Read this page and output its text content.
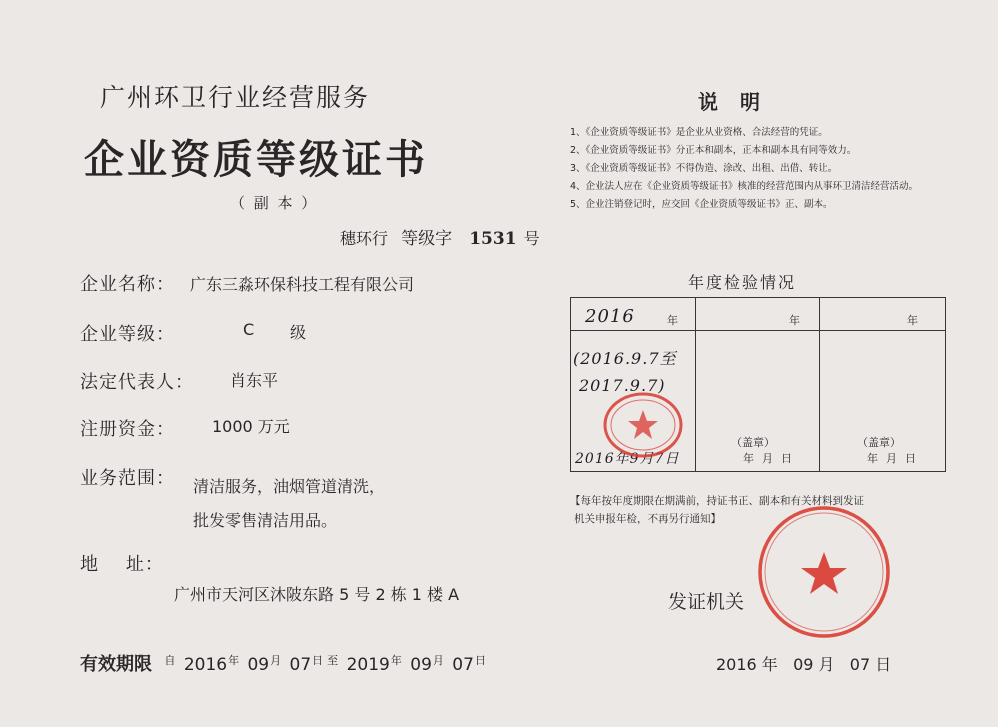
广州环卫行业经营服务
企业资质等级证书
（ 副 本 ）
穗环行 等级字 1531 号
企业名称： 广东三淼环保科技工程有限公司
企业等级：	C 级
法定代表人： 肖东平
注册资金： 1000 万元
业务范围： 清洁服务，油烟管道清洗，
批发零售清洁用品。
地    址：
广州市天河区沐陂东路 5 号 2 栋 1 楼 A
有效期限 $^自$ $2016^年$ $09^月$ $07^日$ $^至$ $2019^年$ $09^月$ $07^日$
说明
1、《企业资质等级证书》是企业从业资格、合法经营的凭证。
2、《企业资质等级证书》分正本和副本，正本和副本具有同等效力。
3、《企业资质等级证书》不得伪造、涂改、出租、出借、转让。
4、企业法人应在《企业资质等级证书》核准的经营范围内从事环卫清洁经营活动。
5、企业注销登记时，应交回《企业资质等级证书》正、副本。
年度检验情况
2016	年
(2016.9.7至
2017.9.7)
2016年9月7日
年
（盖章）
年月日
年
（盖章）
年月日
【每年按年度期限在期满前，持证书正、副本和有关材料到发证
机关申报年检，不再另行通知】
发证机关
2016 年   09 月   07 日
